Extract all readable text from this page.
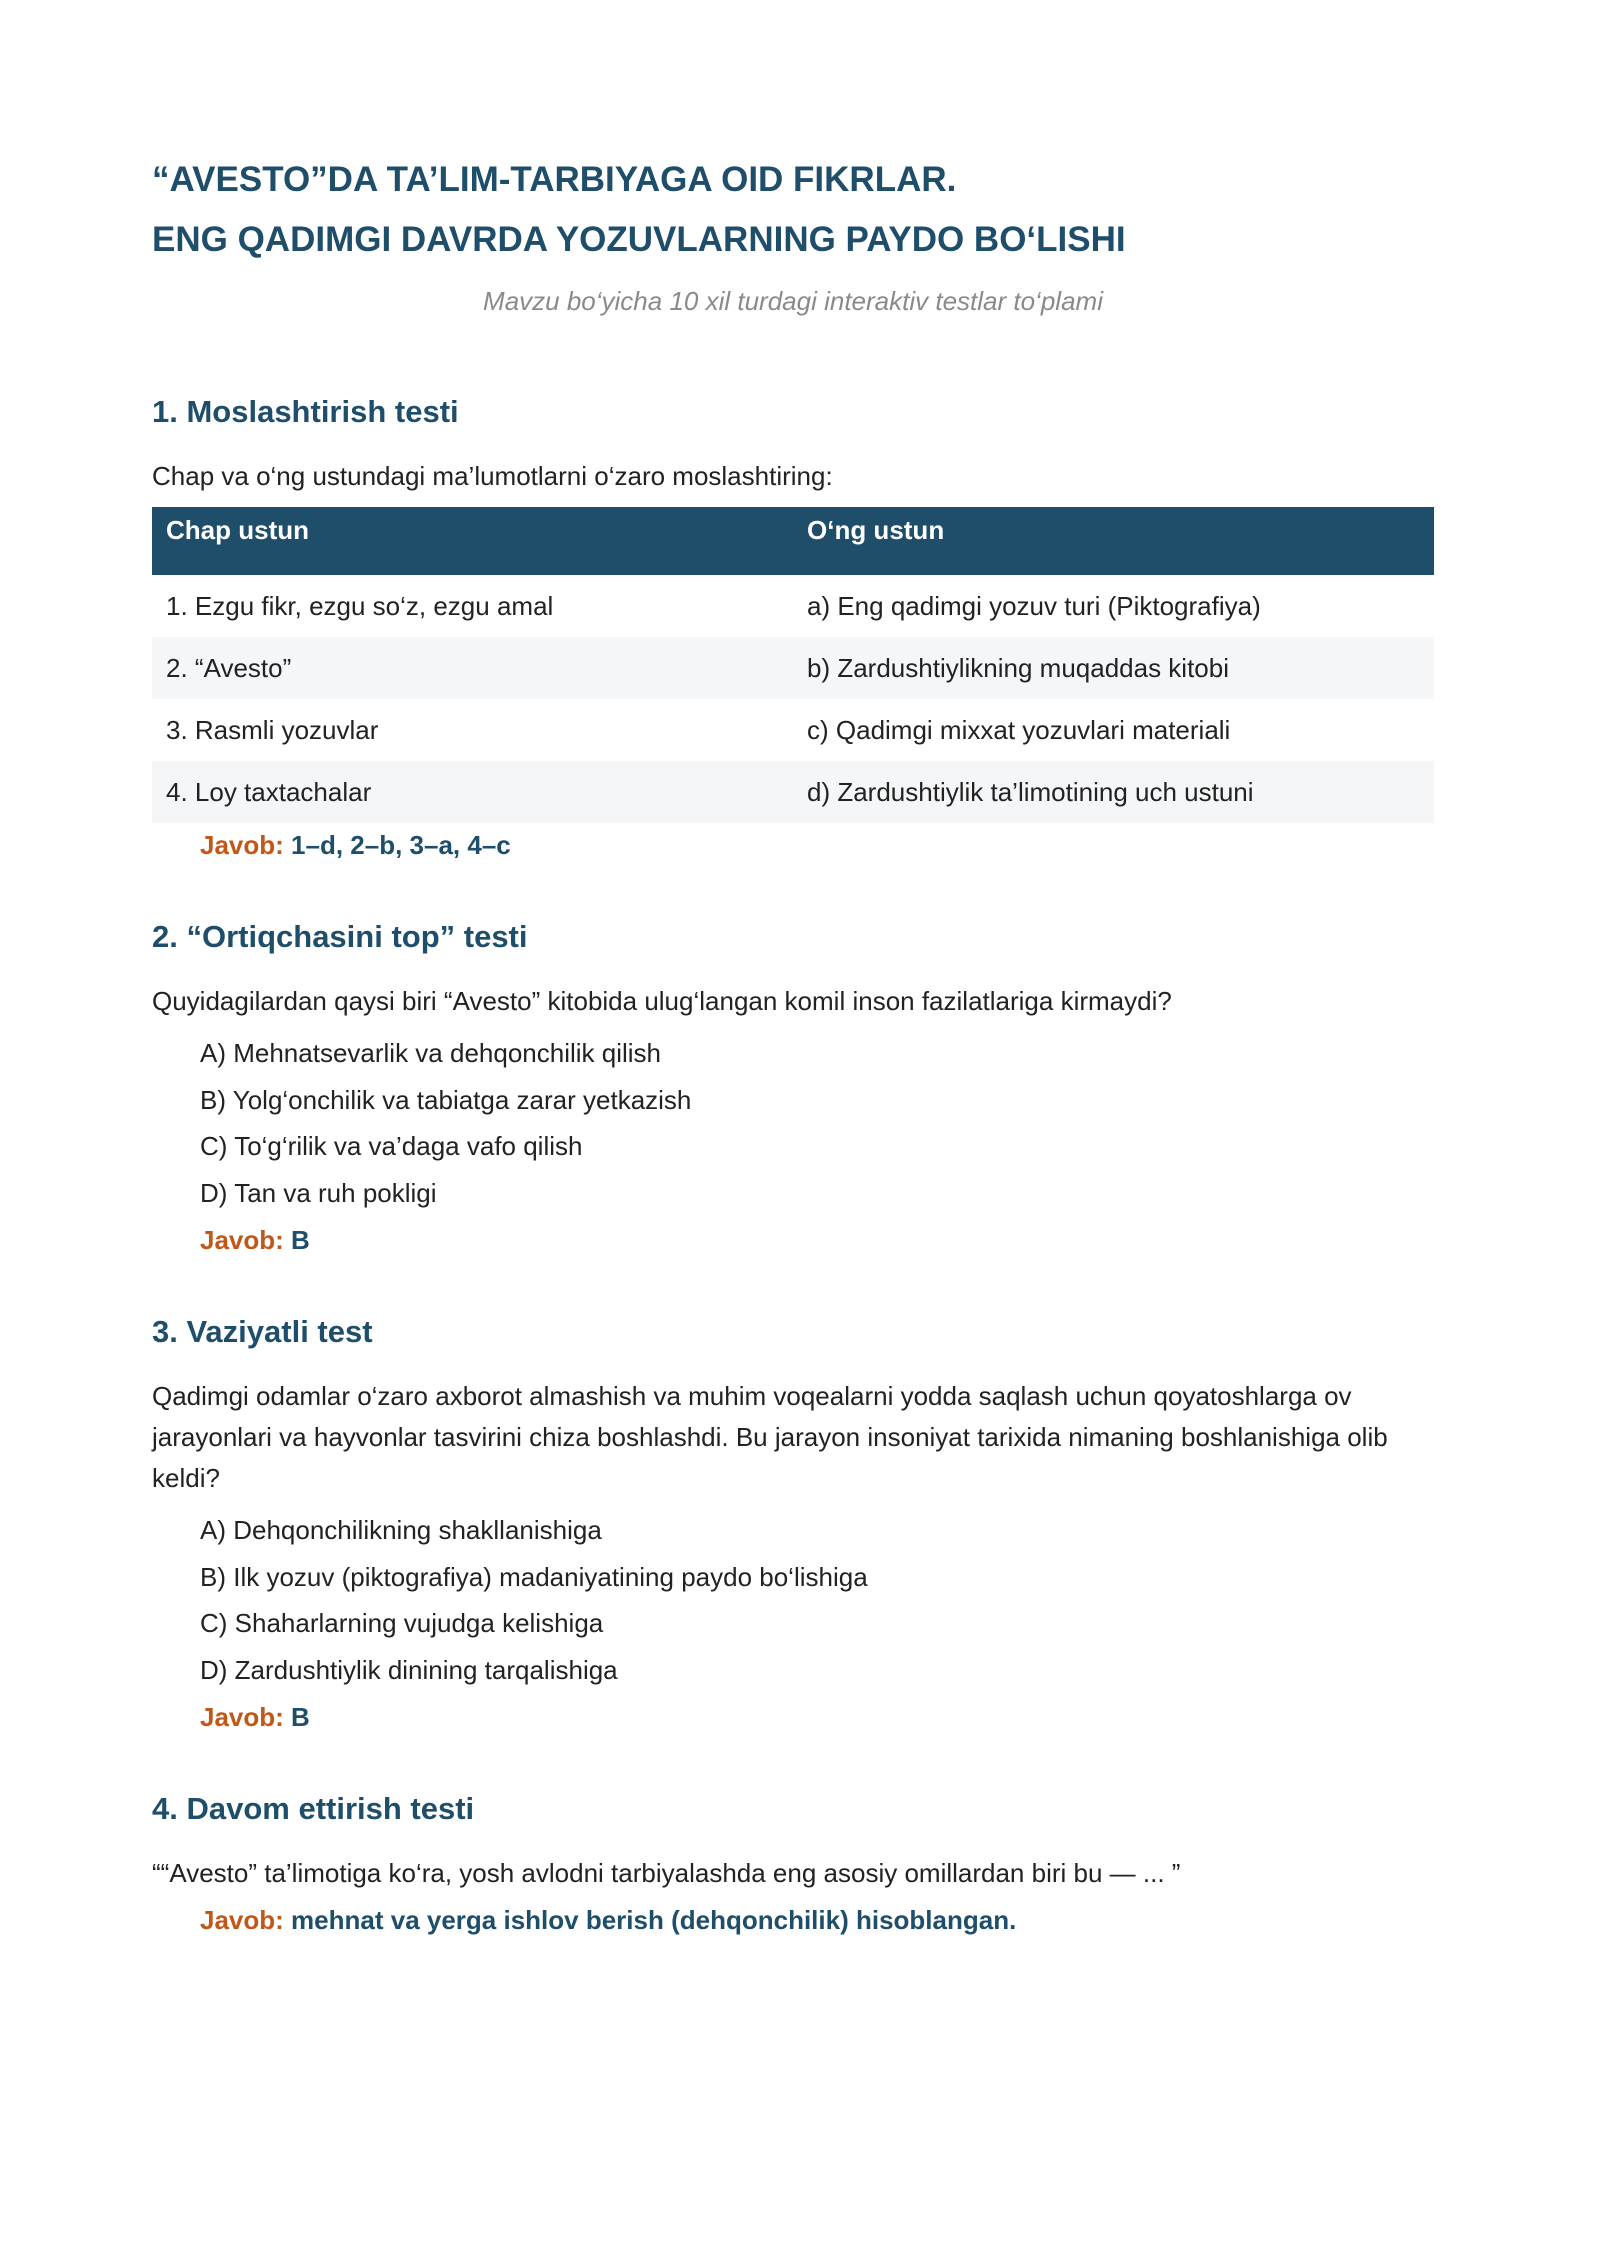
“AVESTO”DA TA’LIM-TARBIYAGA OID FIKRLAR.
ENG QADIMGI DAVRDA YOZUVLARNING PAYDO BO‘LISHI
Mavzu bo‘yicha 10 xil turdagi interaktiv testlar to‘plami
1. Moslashtirish testi
Chap va o‘ng ustundagi ma’lumotlarni o‘zaro moslashtiring:
Chap ustun	O‘ng ustun
1. Ezgu fikr, ezgu so‘z, ezgu amal	a) Eng qadimgi yozuv turi (Piktografiya)
2. “Avesto”	b) Zardushtiylikning muqaddas kitobi
3. Rasmli yozuvlar	c) Qadimgi mixxat yozuvlari materiali
4. Loy taxtachalar	d) Zardushtiylik ta’limotining uch ustuni
Javob: 1–d, 2–b, 3–a, 4–c
2. “Ortiqchasini top” testi
Quyidagilardan qaysi biri “Avesto” kitobida ulug‘langan komil inson fazilatlariga kirmaydi?
A) Mehnatsevarlik va dehqonchilik qilish
B) Yolg‘onchilik va tabiatga zarar yetkazish
C) To‘g‘rilik va va’daga vafo qilish
D) Tan va ruh pokligi
Javob: B
3. Vaziyatli test
Qadimgi odamlar o‘zaro axborot almashish va muhim voqealarni yodda saqlash uchun qoyatoshlarga ov jarayonlari va hayvonlar tasvirini chiza boshlashdi. Bu jarayon insoniyat tarixida nimaning boshlanishiga olib keldi?
A) Dehqonchilikning shakllanishiga
B) Ilk yozuv (piktografiya) madaniyatining paydo bo‘lishiga
C) Shaharlarning vujudga kelishiga
D) Zardushtiylik dinining tarqalishiga
Javob: B
4. Davom ettirish testi
““Avesto” ta’limotiga ko‘ra, yosh avlodni tarbiyalashda eng asosiy omillardan biri bu — ... ”
Javob: mehnat va yerga ishlov berish (dehqonchilik) hisoblangan.
